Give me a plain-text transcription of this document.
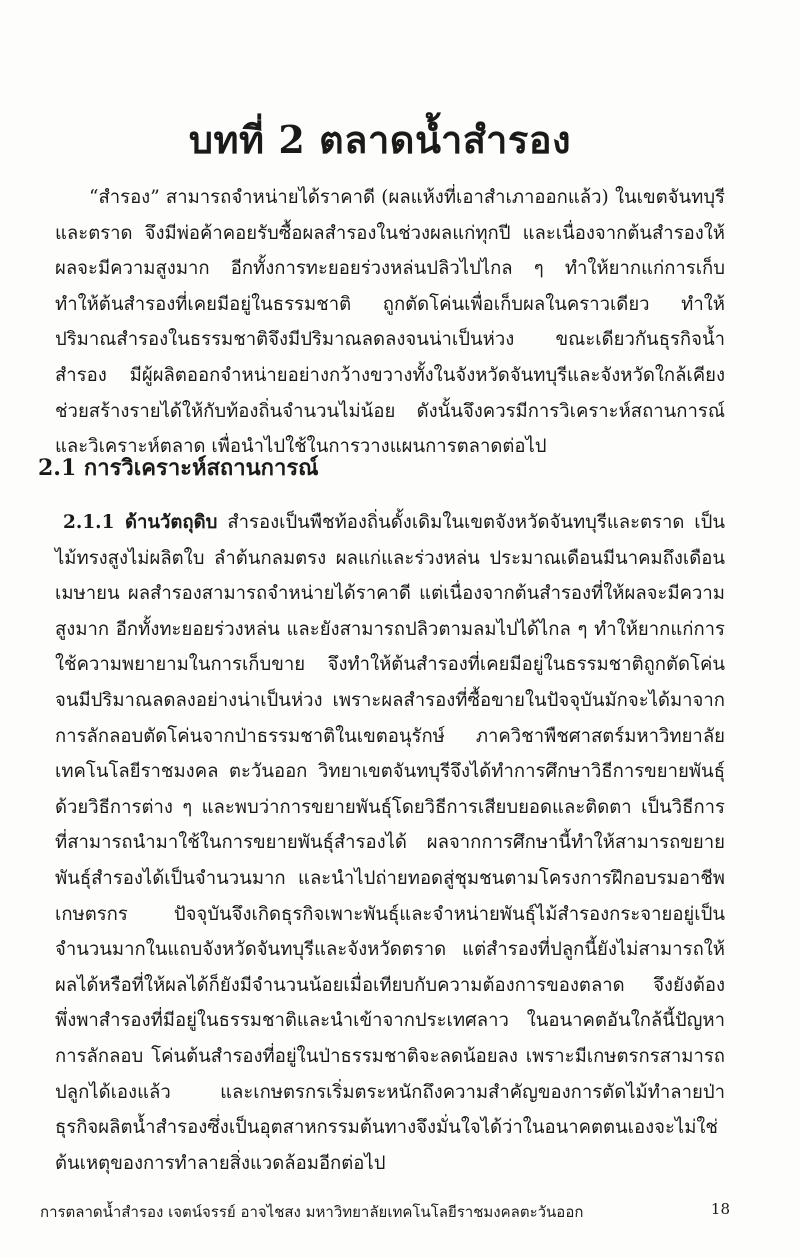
บทที่ 2 ตลาดน้ำสำรอง

“สำรอง” สามารถจำหน่ายได้ราคาดี (ผลแห้งที่เอาสำเภาออกแล้ว) ในเขตจันทบุรีและตราด จึงมีพ่อค้าคอยรับซื้อผลสำรองในช่วงผลแก่ทุกปี และเนื่องจากต้นสำรองให้ผลจะมีความสูงมาก อีกทั้งการทะยอยร่วงหล่นปลิวไปไกล ๆ ทำให้ยากแก่การเก็บ ทำให้ต้นสำรองที่เคยมีอยู่ในธรรมชาติ ถูกตัดโค่นเพื่อเก็บผลในคราวเดียว ทำให้ปริมาณสำรองในธรรมชาติจึงมีปริมาณลดลงจนน่าเป็นห่วง ขณะเดียวกันธุรกิจน้ำสำรอง มีผู้ผลิตออกจำหน่ายอย่างกว้างขวางทั้งในจังหวัดจันทบุรีและจังหวัดใกล้เคียงช่วยสร้างรายได้ให้กับท้องถิ่นจำนวนไม่น้อย ดังนั้นจึงควรมีการวิเคราะห์สถานการณ์ และวิเคราะห์ตลาด เพื่อนำไปใช้ในการวางแผนการตลาดต่อไป

2.1 การวิเคราะห์สถานการณ์

2.1.1 ด้านวัตถุดิบ สำรองเป็นพืชท้องถิ่นดั้งเดิมในเขตจังหวัดจันทบุรีและตราด เป็นไม้ทรงสูงไม่ผลิตใบ ลำต้นกลมตรง ผลแก่และร่วงหล่น ประมาณเดือนมีนาคมถึงเดือนเมษายน ผลสำรองสามารถจำหน่ายได้ราคาดี แต่เนื่องจากต้นสำรองที่ให้ผลจะมีความสูงมาก อีกทั้งทะยอยร่วงหล่น และยังสามารถปลิวตามลมไปได้ไกล ๆ ทำให้ยากแก่การใช้ความพยายามในการเก็บขาย จึงทำให้ต้นสำรองที่เคยมีอยู่ในธรรมชาติถูกตัดโค่นจนมีปริมาณลดลงอย่างน่าเป็นห่วง เพราะผลสำรองที่ซื้อขายในปัจจุบันมักจะได้มาจากการลักลอบตัดโค่นจากป่าธรรมชาติในเขตอนุรักษ์ ภาควิชาพืชศาสตร์มหาวิทยาลัยเทคโนโลยีราชมงคล ตะวันออก วิทยาเขตจันทบุรีจึงได้ทำการศึกษาวิธีการขยายพันธุ์ด้วยวิธีการต่าง ๆ และพบว่าการขยายพันธุ์โดยวิธีการเสียบยอดและติดตา เป็นวิธีการที่สามารถนำมาใช้ในการขยายพันธุ์สำรองได้ ผลจากการศึกษานี้ทำให้สามารถขยายพันธุ์สำรองได้เป็นจำนวนมาก และนำไปถ่ายทอดสู่ชุมชนตามโครงการฝึกอบรมอาชีพเกษตรกร ปัจจุบันจึงเกิดธุรกิจเพาะพันธุ์และจำหน่ายพันธุ์ไม้สำรองกระจายอยู่เป็นจำนวนมากในแถบจังหวัดจันทบุรีและจังหวัดตราด แต่สำรองที่ปลูกนี้ยังไม่สามารถให้ผลได้หรือที่ให้ผลได้ก็ยังมีจำนวนน้อยเมื่อเทียบกับความต้องการของตลาด จึงยังต้องพึ่งพาสำรองที่มีอยู่ในธรรมชาติและนำเข้าจากประเทศลาว ในอนาคตอันใกล้นี้ปัญหาการลักลอบ โค่นต้นสำรองที่อยู่ในป่าธรรมชาติจะลดน้อยลง เพราะมีเกษตรกรสามารถปลูกได้เองแล้ว และเกษตรกรเริ่มตระหนักถึงความสำคัญของการตัดไม้ทำลายป่า ธุรกิจผลิตน้ำสำรองซึ่งเป็นอุตสาหกรรมต้นทางจึงมั่นใจได้ว่าในอนาคตตนเองจะไม่ใช่ต้นเหตุของการทำลายสิ่งแวดล้อมอีกต่อไป

การตลาดน้ำสำรอง เจตน์จรรย์ อาจไชสง มหาวิทยาลัยเทคโนโลยีราชมงคลตะวันออก	18
